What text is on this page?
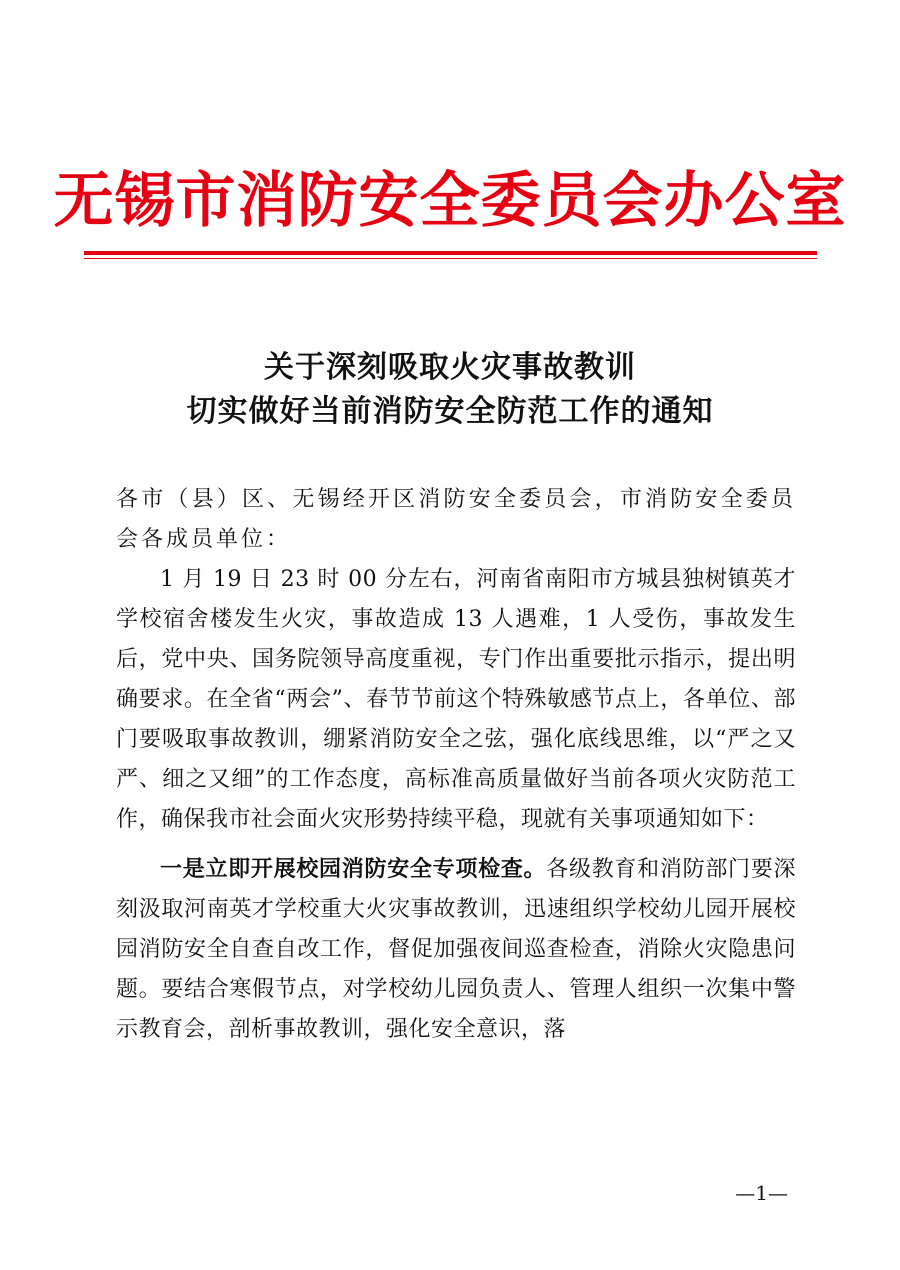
无锡市消防安全委员会办公室
关于深刻吸取火灾事故教训
切实做好当前消防安全防范工作的通知

各市（县）区、无锡经开区消防安全委员会，市消防安全委员会各成员单位：

1 月 19 日 23 时 00 分左右，河南省南阳市方城县独树镇英才学校宿舍楼发生火灾，事故造成 13 人遇难，1 人受伤，事故发生后，党中央、国务院领导高度重视，专门作出重要批示指示，提出明确要求。在全省“两会”、春节节前这个特殊敏感节点上，各单位、部门要吸取事故教训，绷紧消防安全之弦，强化底线思维，以“严之又严、细之又细”的工作态度，高标准高质量做好当前各项火灾防范工作，确保我市社会面火灾形势持续平稳，现就有关事项通知如下：

一是立即开展校园消防安全专项检查。各级教育和消防部门要深刻汲取河南英才学校重大火灾事故教训，迅速组织学校幼儿园开展校园消防安全自查自改工作，督促加强夜间巡查检查，消除火灾隐患问题。要结合寒假节点，对学校幼儿园负责人、管理人组织一次集中警示教育会，剖析事故教训，强化安全意识，落

—1—
